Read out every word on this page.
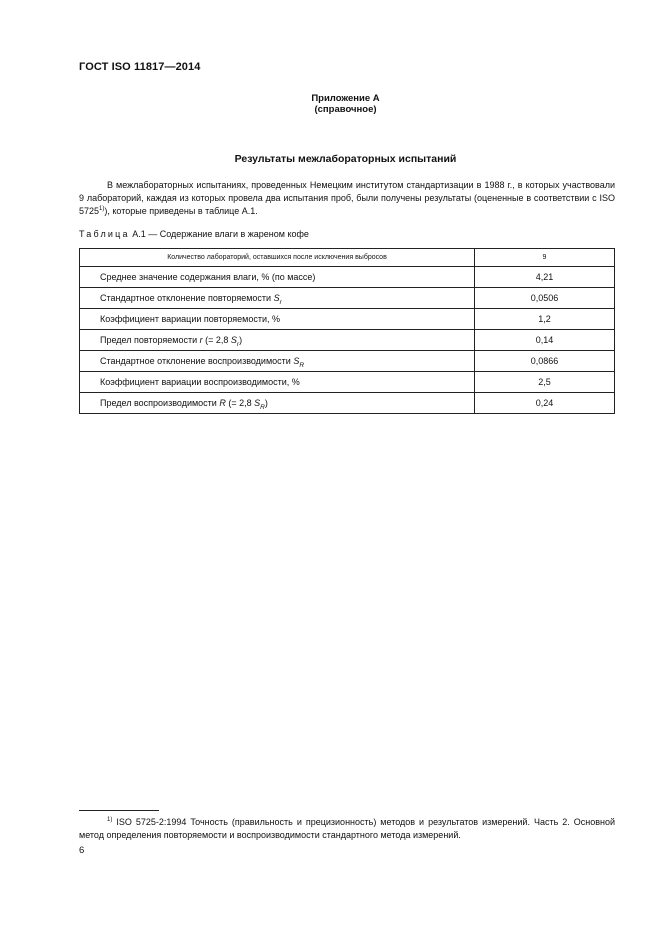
ГОСТ ISO 11817—2014
Приложение А
(справочное)
Результаты межлабораторных испытаний
В межлабораторных испытаниях, проведенных Немецким институтом стандартизации в 1988 г., в которых участвовали 9 лабораторий, каждая из которых провела два испытания проб, были получены результаты (оцененные в соответствии с ISO 5725$^{1)}$), которые приведены в таблице А.1.
Таблица А.1 — Содержание влаги в жареном кофе
Количество лабораторий, оставшихся после исключения выбросов	9
Среднее значение содержания влаги, % (по массе)	4,21
Стандартное отклонение повторяемости $S_r$	0,0506
Коэффициент вариации повторяемости, %	1,2
Предел повторяемости r (= 2,8 $S_r$)	0,14
Стандартное отклонение воспроизводимости $S_R$	0,0866
Коэффициент вариации воспроизводимости, %	2,5
Предел воспроизводимости R (= 2,8 $S_R$)	0,24
$^{1)}$ ISO 5725-2:1994 Точность (правильность и прецизионность) методов и результатов измерений. Часть 2. Основной метод определения повторяемости и воспроизводимости стандартного метода измерений.
6
